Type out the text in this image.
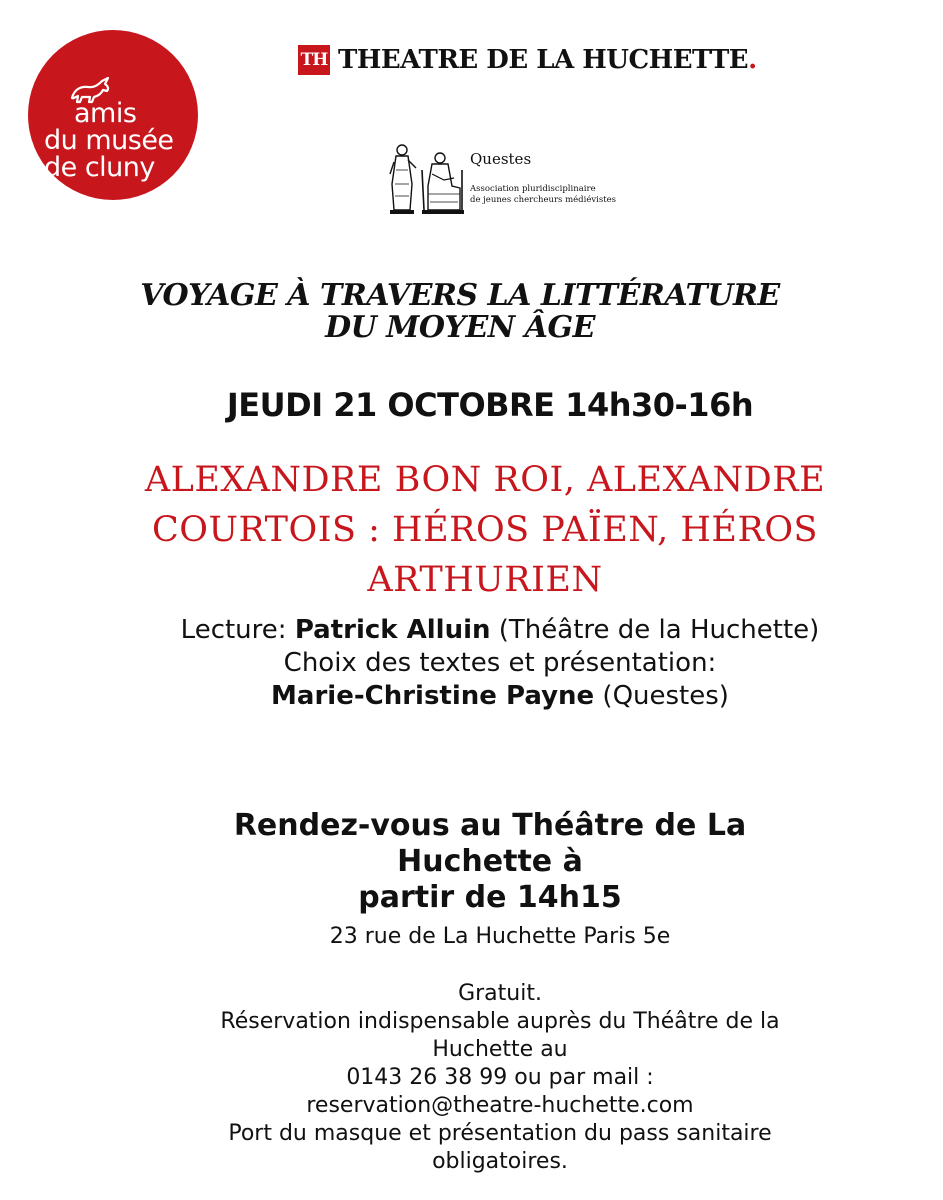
amis
du musée
de cluny
TH THEATRE DE LA HUCHETTE.
Questes
Association pluridisciplinaire
de jeunes chercheurs médiévistes
VOYAGE À TRAVERS LA LITTÉRATURE DU MOYEN ÂGE
JEUDI 21 OCTOBRE 14h30-16h
ALEXANDRE BON ROI, ALEXANDRE COURTOIS : HÉROS PAÏEN, HÉROS ARTHURIEN
Lecture: Patrick Alluin (Théâtre de la Huchette)
Choix des textes et présentation:
Marie-Christine Payne (Questes)
Rendez-vous au Théâtre de La
Huchette à
partir de 14h15
23 rue de La Huchette Paris 5e
Gratuit.
Réservation indispensable auprès du Théâtre de la
Huchette au
0143 26 38 99 ou par mail :
reservation@theatre-huchette.com
Port du masque et présentation du pass sanitaire
obligatoires.
